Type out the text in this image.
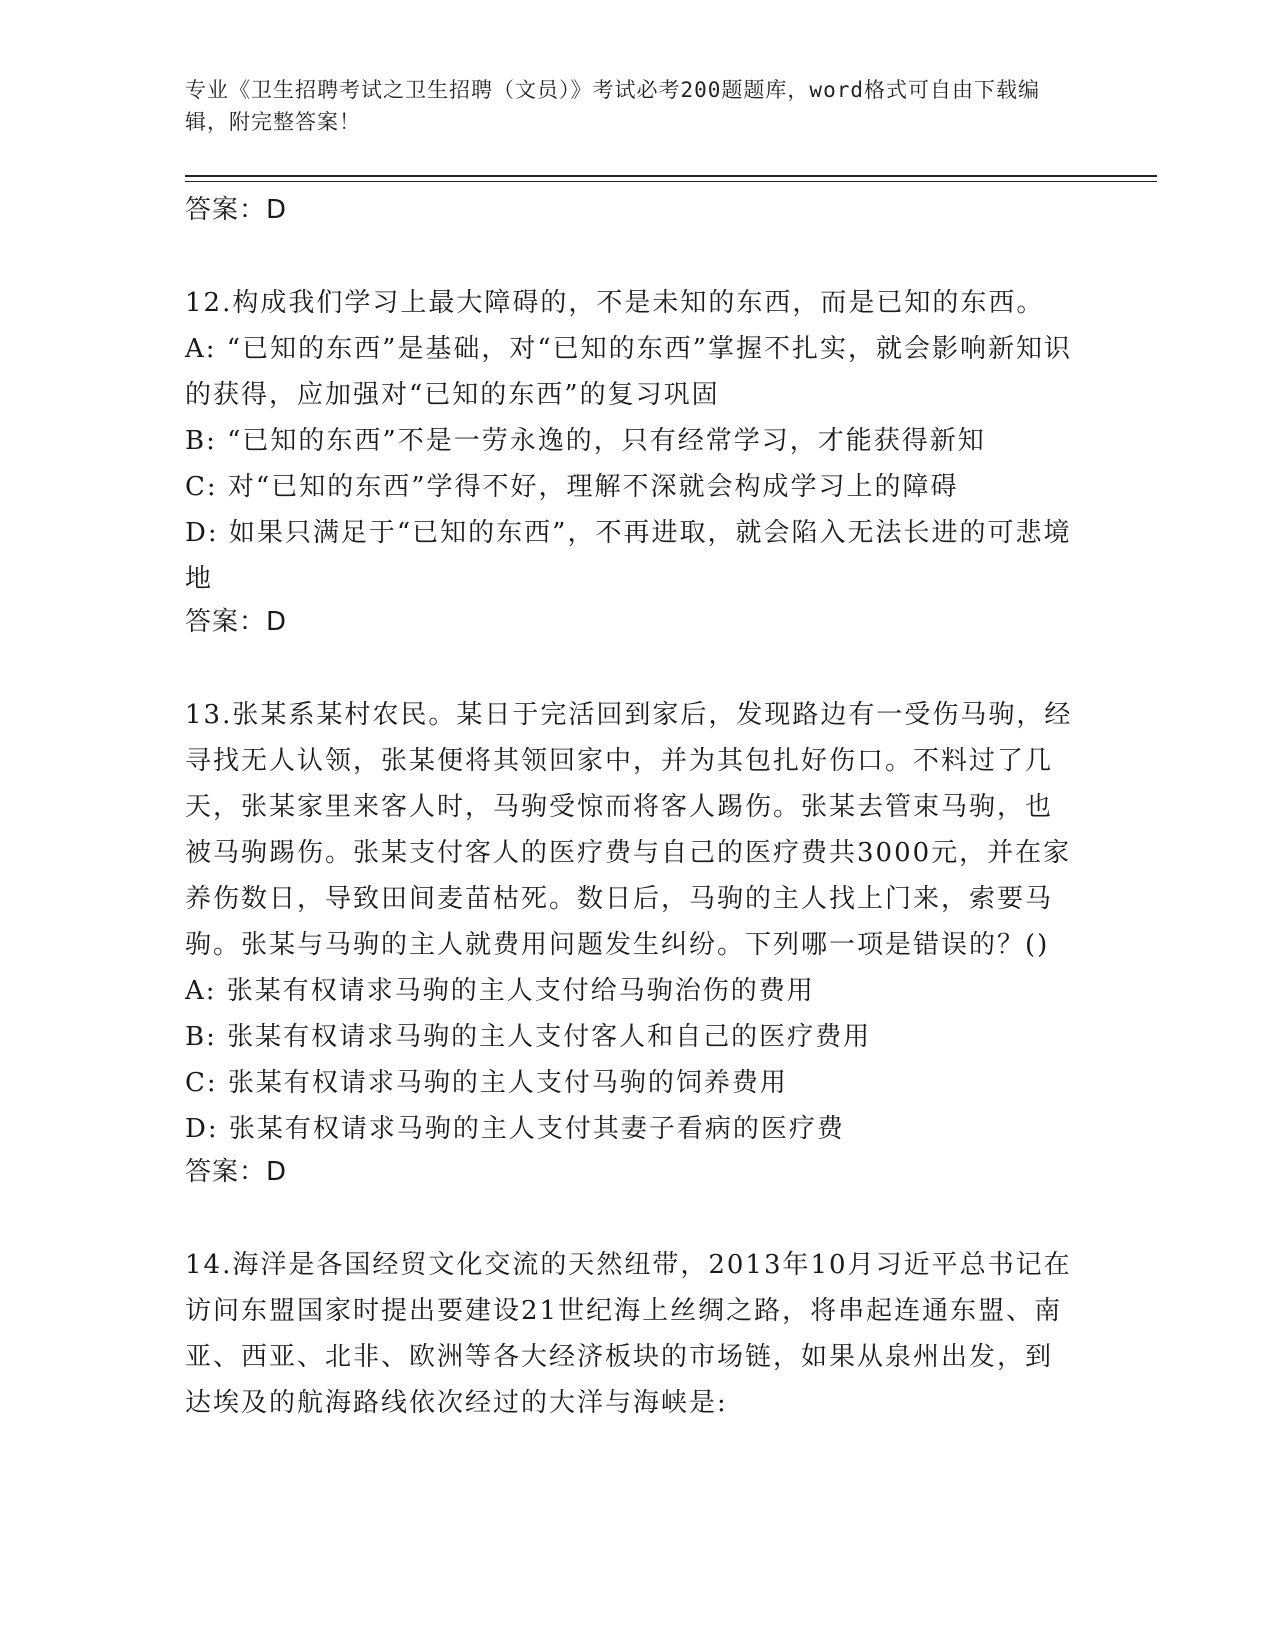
专业《卫生招聘考试之卫生招聘（文员）》考试必考200题题库，word格式可自由下载编辑，附完整答案！
答案：D
12.构成我们学习上最大障碍的，不是未知的东西，而是已知的东西。
A: “已知的东西”是基础，对“已知的东西”掌握不扎实，就会影响新知识的获得，应加强对“已知的东西”的复习巩固
B: “已知的东西”不是一劳永逸的，只有经常学习，才能获得新知
C: 对“已知的东西”学得不好，理解不深就会构成学习上的障碍
D: 如果只满足于“已知的东西”，不再进取，就会陷入无法长进的可悲境地
答案：D
13.张某系某村农民。某日于完活回到家后，发现路边有一受伤马驹，经寻找无人认领，张某便将其领回家中，并为其包扎好伤口。不料过了几天，张某家里来客人时，马驹受惊而将客人踢伤。张某去管束马驹，也被马驹踢伤。张某支付客人的医疗费与自己的医疗费共3000元，并在家养伤数日，导致田间麦苗枯死。数日后，马驹的主人找上门来，索要马驹。张某与马驹的主人就费用问题发生纠纷。下列哪一项是错误的？()
A: 张某有权请求马驹的主人支付给马驹治伤的费用
B: 张某有权请求马驹的主人支付客人和自己的医疗费用
C: 张某有权请求马驹的主人支付马驹的饲养费用
D: 张某有权请求马驹的主人支付其妻子看病的医疗费
答案：D
14.海洋是各国经贸文化交流的天然纽带，2013年10月习近平总书记在访问东盟国家时提出要建设21世纪海上丝绸之路，将串起连通东盟、南亚、西亚、北非、欧洲等各大经济板块的市场链，如果从泉州出发，到达埃及的航海路线依次经过的大洋与海峡是:
